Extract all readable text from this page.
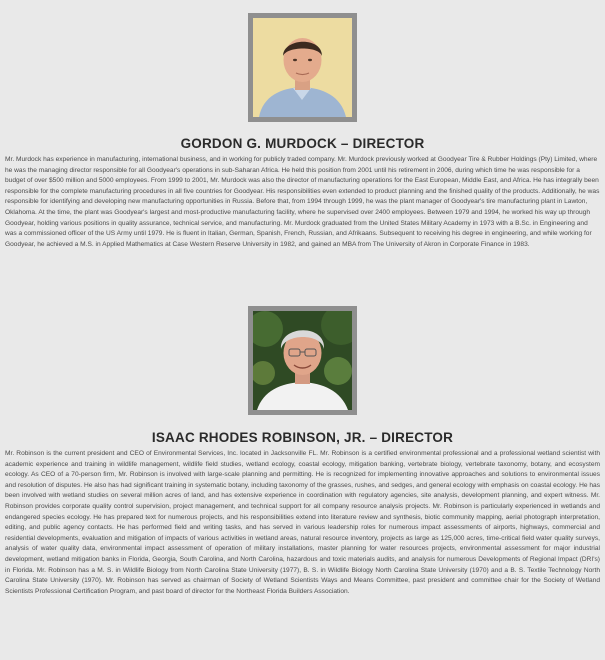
GORDON G. MURDOCK – DIRECTOR

Mr. Murdock has experience in manufacturing, international business, and in working for publicly traded company. Mr. Murdock previously worked at Goodyear Tire & Rubber Holdings (Pty) Limited, where he was the managing director responsible for all Goodyear's operations in sub-Saharan Africa. He held this position from 2001 until his retirement in 2006, during which time he was responsible for a budget of over $500 million and 5000 employees. From 1999 to 2001, Mr. Murdock was also the director of manufacturing operations for the East European, Middle East, and Africa. He has integrally been responsible for the complete manufacturing procedures in all five countries for Goodyear. His responsibilities even extended to product planning and the finished quality of the products. Additionally, he was responsible for identifying and developing new manufacturing opportunities in Russia. Before that, from 1994 through 1999, he was the plant manager of Goodyear's tire manufacturing plant in Lawton, Oklahoma. At the time, the plant was Goodyear's largest and most-productive manufacturing facility, where he supervised over 2400 employees. Between 1979 and 1994, he worked his way up through Goodyear, holding various positions in quality assurance, technical service, and manufacturing. Mr. Murdock graduated from the United States Military Academy in 1973 with a B.Sc. in Engineering and was a commissioned officer of the US Army until 1979. He is fluent in Italian, German, Spanish, French, Russian, and Afrikaans. Subsequent to receiving his degree in engineering, and while working for Goodyear, he achieved a M.S. in Applied Mathematics at Case Western Reserve University in 1982, and gained an MBA from The University of Akron in Corporate Finance in 1983.

ISAAC RHODES ROBINSON, JR. – DIRECTOR

Mr. Robinson is the current president and CEO of Environmental Services, Inc. located in Jacksonville FL. Mr. Robinson is a certified environmental professional and a professional wetland scientist with academic experience and training in wildlife management, wildlife field studies, wetland ecology, coastal ecology, mitigation banking, vertebrate biology, vertebrate taxonomy, botany, and ecosystem ecology. As CEO of a 70-person firm, Mr. Robinson is involved with large-scale planning and permitting. He is recognized for implementing innovative approaches and solutions to environmental issues and resolution of disputes. He also has had significant training in systematic botany, including taxonomy of the grasses, rushes, and sedges, and general ecology with emphasis on coastal ecology. He has been involved with wetland studies on several million acres of land, and has extensive experience in coordination with regulatory agencies, site analysis, development planning, and expert witness. Mr. Robinson provides corporate quality control supervision, project management, and technical support for all company resource analysis projects. Mr. Robinson is particularly experienced in wetlands and endangered species ecology. He has prepared text for numerous projects, and his responsibilities extend into literature review and synthesis, biotic community mapping, aerial photograph interpretation, editing, and public agency contacts. He has performed field and writing tasks, and has served in various leadership roles for numerous impact assessments of airports, highways, commercial and residential developments, evaluation and mitigation of impacts of various activities in wetland areas, natural resource inventory, projects as large as 125,000 acres, time-critical field water quality surveys, analysis of water quality data, environmental impact assessment of operation of military installations, master planning for water resources projects, environmental assessment for major industrial development, wetland mitigation banks in Florida, Georgia, South Carolina, and North Carolina, hazardous and toxic materials audits, and analysis for numerous Developments of Regional Impact (DRI's) in Florida. Mr. Robinson has a M. S. in Wildlife Biology from North Carolina State University (1977), B. S. in Wildlife Biology North Carolina State University (1970) and a B. S. Textile Technology North Carolina State University (1970). Mr. Robinson has served as chairman of Society of Wetland Scientists Ways and Means Committee, past president and committee chair for the Society of Wetland Scientists Professional Certification Program, and past board of director for the Northeast Florida Builders Association.
